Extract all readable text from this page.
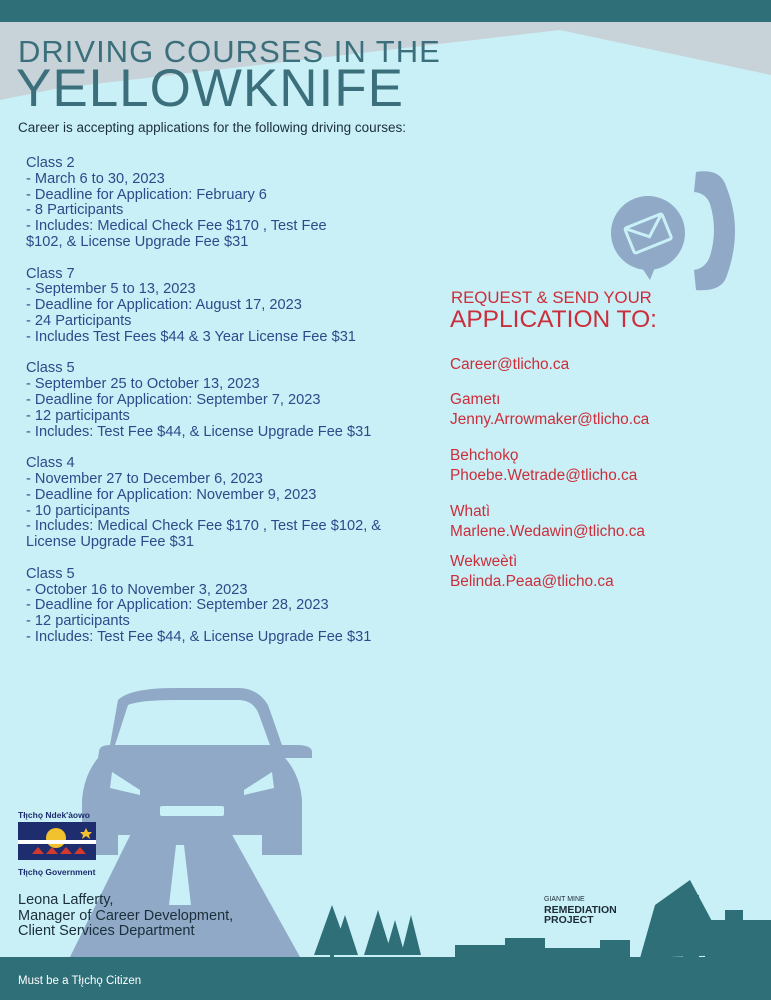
DRIVING COURSES IN THE
YELLOWKNIFE
Career is accepting applications for the following driving courses:
Class 2
- March 6 to 30, 2023
- Deadline for Application: February 6
- 8 Participants
- Includes: Medical Check Fee $170 , Test Fee
$102, & License Upgrade Fee $31
Class 7
- September 5 to 13, 2023
- Deadline for Application: August 17, 2023
- 24 Participants
- Includes Test Fees $44 & 3 Year License Fee $31
Class 5
- September 25 to October 13, 2023
- Deadline for Application: September 7, 2023
- 12 participants
- Includes: Test Fee $44, & License Upgrade Fee $31
Class 4
- November 27 to December 6, 2023
- Deadline for Application: November 9, 2023
- 10 participants
- Includes: Medical Check Fee $170 , Test Fee $102, &
License Upgrade Fee $31
Class 5
- October 16 to November 3, 2023
- Deadline for Application: September 28, 2023
- 12 participants
- Includes: Test Fee $44, & License Upgrade Fee $31
REQUEST & SEND YOUR
APPLICATION TO:
Career@tlicho.ca
Gametı
Jenny.Arrowmaker@tlicho.ca
Behchokǫ
Phoebe.Wetrade@tlicho.ca
Whatì
Marlene.Wedawin@tlicho.ca
Wekweètì
Belinda.Peaa@tlicho.ca
Tłı̨chǫ Ndek'àowo
Tłı̨chǫ Government
Leona Lafferty,
Manager of Career Development,
Client Services Department
GIANT MINE
REMEDIATION
PROJECT
Must be a Tłı̨chǫ Citizen
